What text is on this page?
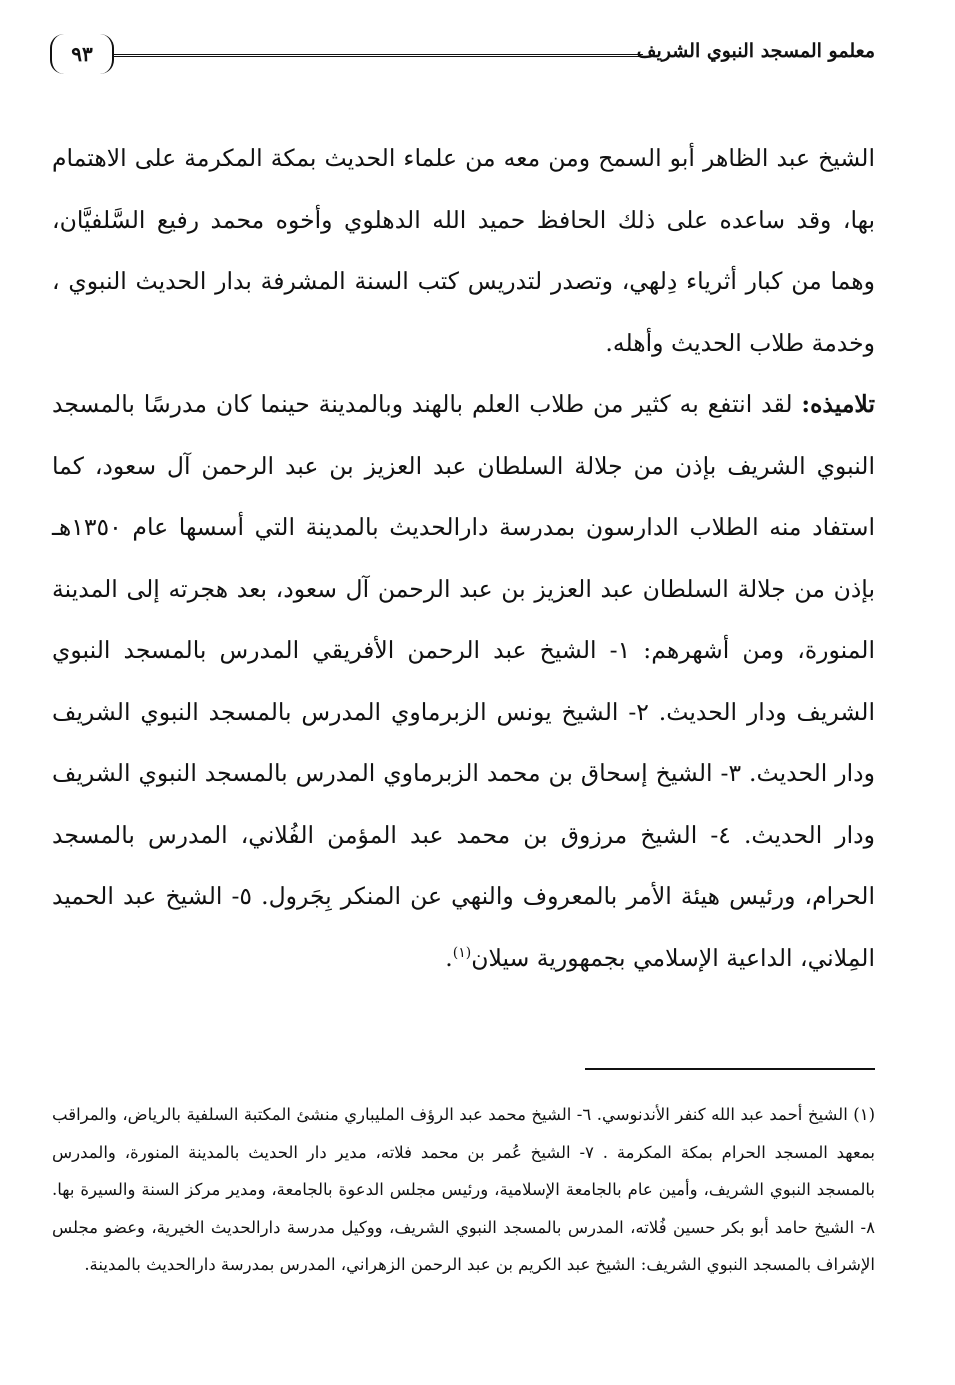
معلمو المسجد النبوي الشريف
٩٣

الشيخ عبد الظاهر أبو السمح ومن معه من علماء الحديث بمكة المكرمة على الاهتمام بها، وقد ساعده على ذلك الحافظ حميد الله الدهلوي وأخوه محمد رفيع السَّلفيَّان، وهما من كبار أثرياء دِلهي، وتصدر لتدريس كتب السنة المشرفة بدار الحديث النبوي ، وخدمة طلاب الحديث وأهله.

تلاميذه: لقد انتفع به كثير من طلاب العلم بالهند وبالمدينة حينما كان مدرسًا بالمسجد النبوي الشريف بإذن من جلالة السلطان عبد العزيز بن عبد الرحمن آل سعود، كما استفاد منه الطلاب الدارسون بمدرسة دارالحديث بالمدينة التي أسسها عام ١٣٥٠هـ بإذن من جلالة السلطان عبد العزيز بن عبد الرحمن آل سعود، بعد هجرته إلى المدينة المنورة، ومن أشهرهم: ١- الشيخ عبد الرحمن الأفريقي المدرس بالمسجد النبوي الشريف ودار الحديث. ٢- الشيخ يونس الزبرماوي المدرس بالمسجد النبوي الشريف ودار الحديث. ٣- الشيخ إسحاق بن محمد الزبرماوي المدرس بالمسجد النبوي الشريف ودار الحديث. ٤- الشيخ مرزوق بن محمد عبد المؤمن الفُلاني، المدرس بالمسجد الحرام، ورئيس هيئة الأمر بالمعروف والنهي عن المنكر بِجَرول. ٥- الشيخ عبد الحميد المِلاني، الداعية الإسلامي بجمهورية سيلان$^{(١)}$.

(١) الشيخ أحمد عبد الله كنفر الأندنوسي. ٦- الشيخ محمد عبد الرؤف المليباري منشئ المكتبة السلفية بالرياض، والمراقب بمعهد المسجد الحرام بمكة المكرمة . ٧- الشيخ عُمر بن محمد فلاته، مدير دار الحديث بالمدينة المنورة، والمدرس بالمسجد النبوي الشريف، وأمين عام بالجامعة الإسلامية، ورئيس مجلس الدعوة بالجامعة، ومدير مركز السنة والسيرة بها. ٨- الشيخ حامد أبو بكر حسين فُلاته، المدرس بالمسجد النبوي الشريف، ووكيل مدرسة دارالحديث الخيرية، وعضو مجلس الإشراف بالمسجد النبوي الشريف: الشيخ عبد الكريم بن عبد الرحمن الزهراني، المدرس بمدرسة دارالحديث بالمدينة.
